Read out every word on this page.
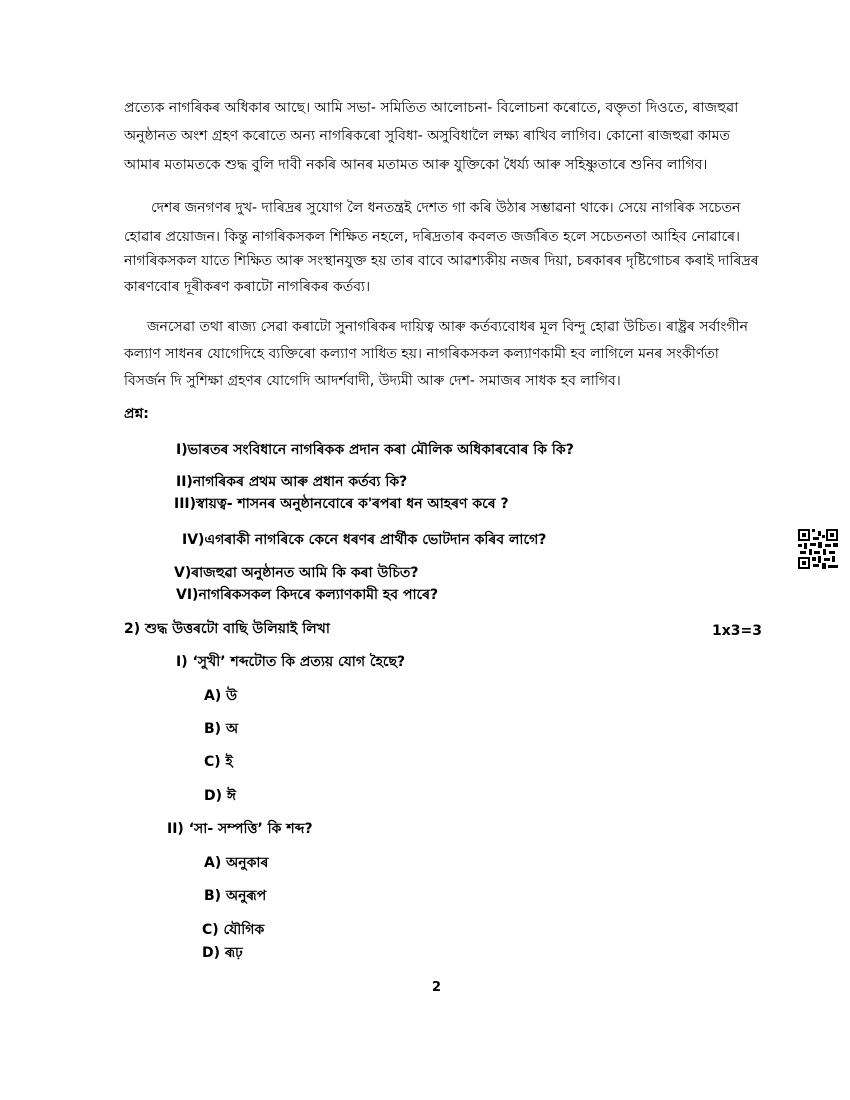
প্ৰত্যেক নাগৰিকৰ অধিকাৰ আছে। আমি সভা- সমিতিত আলোচনা- বিলোচনা কৰোতে, বক্তৃতা দিওতে, ৰাজহুৱা
অনুষ্ঠানত অংশ গ্ৰহণ কৰোতে অন্য নাগৰিকৰো সুবিধা- অসুবিধালৈ লক্ষ্য ৰাখিব লাগিব। কোনো ৰাজহুৱা কামত
আমাৰ মতামতকে শুদ্ধ বুলি দাবী নকৰি আনৰ মতামত আৰু যুক্তিকো ধৈৰ্য্য আৰু সহিষ্ণুতাৰে শুনিব লাগিব।
দেশৰ জনগণৰ দুখ- দাৰিদ্ৰৰ সুযোগ লৈ ধনতন্ত্ৰই দেশত গা কৰি উঠাৰ সম্ভাৱনা থাকে। সেয়ে নাগৰিক সচেতন
হোৱাৰ প্ৰয়োজন। কিন্তু নাগৰিকসকল শিক্ষিত নহলে, দৰিদ্ৰতাৰ কবলত জৰ্জৰিত হলে সচেতনতা আহিব নোৱাৰে।
নাগৰিকসকল যাতে শিক্ষিত আৰু সংস্থানযুক্ত হয় তাৰ বাবে আৱশ্যকীয় নজৰ দিয়া, চৰকাৰৰ দৃষ্টিগোচৰ কৰাই দাৰিদ্ৰৰ
কাৰণবোৰ দূৰীকৰণ কৰাটো নাগৰিকৰ কৰ্তব্য।
জনসেৱা তথা ৰাজ্য সেৱা কৰাটো সুনাগৰিকৰ দায়িত্ব আৰু কৰ্তব্যবোধৰ মূল বিন্দু হোৱা উচিত। ৰাষ্ট্ৰৰ সৰ্বাংগীন
কল্যাণ সাধনৰ যোগেদিহে ব্যক্তিৰো কল্যাণ সাধিত হয়। নাগৰিকসকল কল্যাণকামী হব লাগিলে মনৰ সংকীৰ্ণতা
বিসৰ্জন দি সুশিক্ষা গ্ৰহণৰ যোগেদি আদৰ্শবাদী, উদ্যমী আৰু দেশ- সমাজৰ সাধক হব লাগিব।
প্ৰশ্ন:
I)ভাৰতৰ সংবিধানে নাগৰিকক প্ৰদান কৰা মৌলিক অধিকাৰবোৰ কি কি?
II)নাগৰিকৰ প্ৰথম আৰু প্ৰধান কৰ্তব্য কি?
III)স্বায়ত্ব- শাসনৰ অনুষ্ঠানবোৰে ক'ৰপৰা ধন আহৰণ কৰে ?
IV)এগৰাকী নাগৰিকে কেনে ধৰণৰ প্ৰাৰ্থীক ভোটদান কৰিব লাগে?
V)ৰাজহুৱা অনুষ্ঠানত আমি কি কৰা উচিত?
VI)নাগৰিকসকল কিদৰে কল্যাণকামী হব পাৰে?
2) শুদ্ধ উত্তৰটো বাছি উলিয়াই লিখা	1x3=3
I) ‘সুখী’ শব্দটোত কি প্ৰত্যয় যোগ হৈছে?
A) উ
B) অ
C) ই
D) ঈ
II) ‘সা- সম্পত্তি’ কি শব্দ?
A) অনুকাৰ
B) অনুৰূপ
C) যৌগিক
D) ৰূঢ়
2
